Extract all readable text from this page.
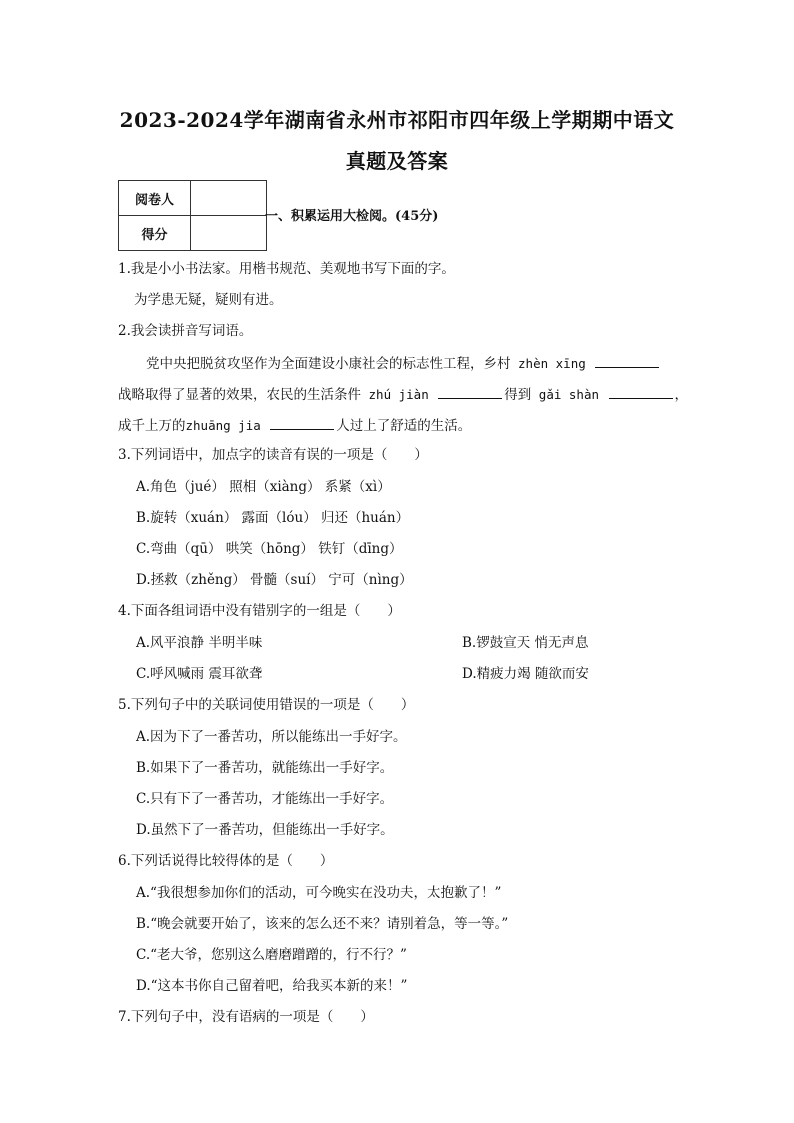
2023-2024学年湖南省永州市祁阳市四年级上学期期中语文
真题及答案
阅卷人	
得分	
一、积累运用大检阅。(45分)
1.我是小小书法家。用楷书规范、美观地书写下面的字。
为学患无疑，疑则有进。
2.我会读拼音写词语。
党中央把脱贫攻坚作为全面建设小康社会的标志性工程，乡村 zhèn xīng
战略取得了显著的效果，农民的生活条件 zhú jiàn	得到 gǎi shàn	，
成千上万的zhuāng jia	人过上了舒适的生活。
3.下列词语中，加点字的读音有误的一项是（　　）
A.角色（jué） 照相（xiàng） 系紧（xì）
B.旋转（xuán） 露面（lóu） 归还（huán）
C.弯曲（qū） 哄笑（hōng） 铁钉（dīng）
D.拯救（zhěng） 骨髓（suí） 宁可（nìng）
4.下面各组词语中没有错别字的一组是（　　）
A.风平浪静 半明半味	B.锣鼓宣天 悄无声息
C.呼风喊雨 震耳欲聋	D.精疲力竭 随欲而安
5.下列句子中的关联词使用错误的一项是（　　）
A.因为下了一番苦功，所以能练出一手好字。
B.如果下了一番苦功，就能练出一手好字。
C.只有下了一番苦功，才能练出一手好字。
D.虽然下了一番苦功，但能练出一手好字。
6.下列话说得比较得体的是（　　）
A.“我很想参加你们的活动，可今晚实在没功夫，太抱歉了！”
B.“晚会就要开始了，该来的怎么还不来？请别着急，等一等。”
C.“老大爷，您别这么磨磨蹭蹭的，行不行？”
D.“这本书你自己留着吧，给我买本新的来！”
7.下列句子中，没有语病的一项是（　　）
